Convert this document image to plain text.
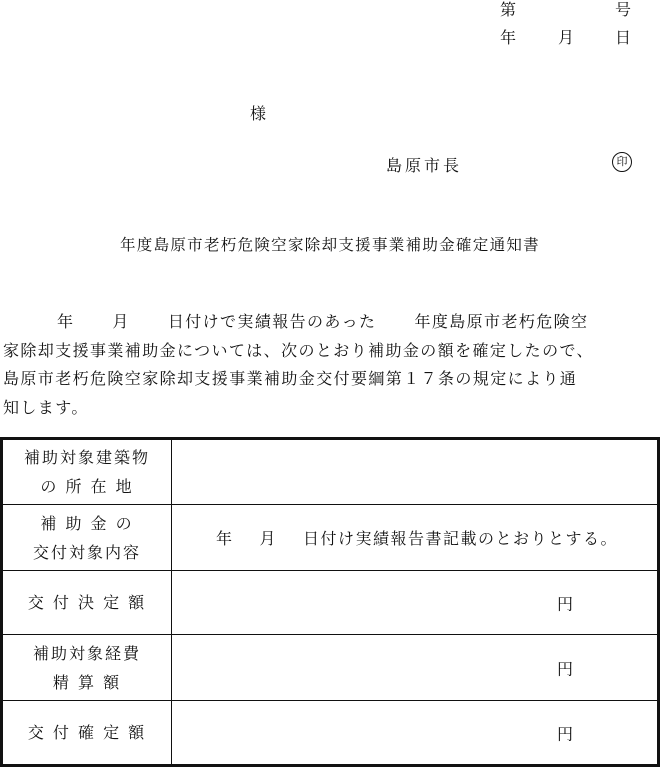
第	号
年	月	日
様
島原市長	印
年度島原市老朽危険空家除却支援事業補助金確定通知書
年 月 日付けで実績報告のあった 年度島原市老朽危険空
家除却支援事業補助金については、次のとおり補助金の額を確定したので、
島原市老朽危険空家除却支援事業補助金交付要綱第１７条の規定により通
知します。
補助対象建築物
の 所 在 地	

補 助 金 の
交付対象内容	年 月 日付け実績報告書記載のとおりとする。

交 付 決 定 額	円

補助対象経費
精 算 額	円

交 付 確 定 額	円
